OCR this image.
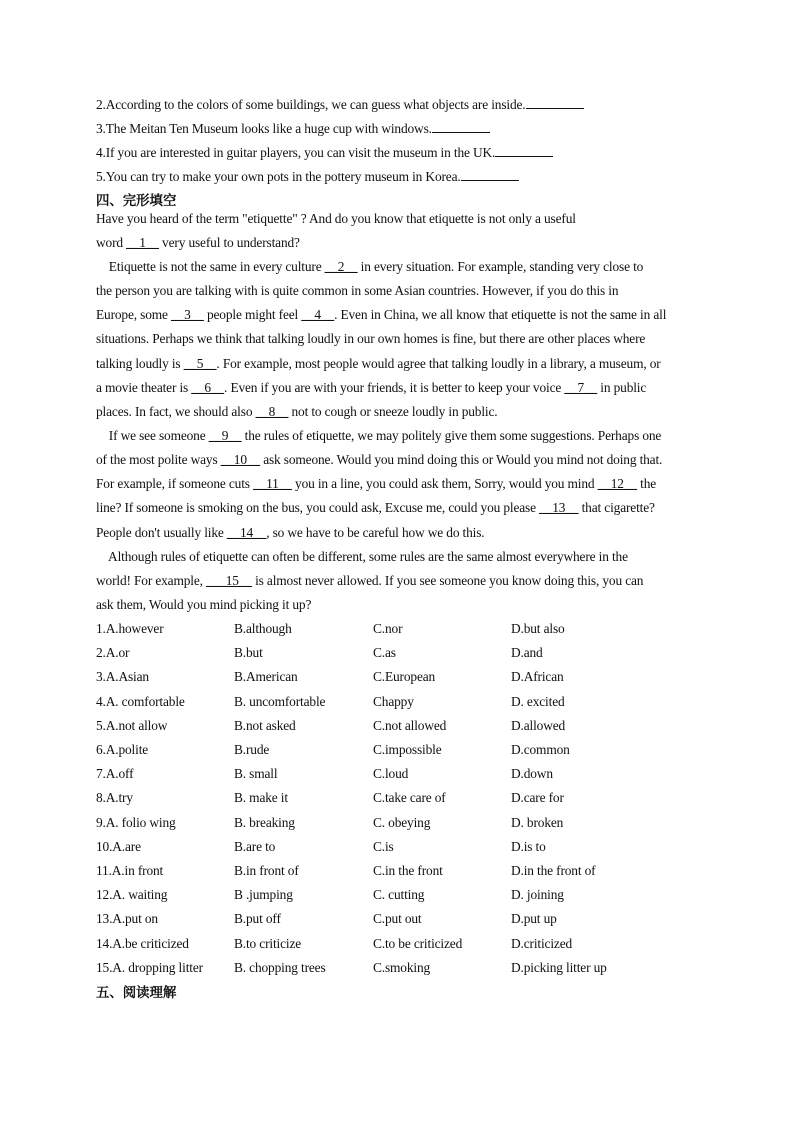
2.According to the colors of some buildings, we can guess what objects are inside.
3.The Meitan Ten Museum looks like a huge cup with windows.
4.If you are interested in guitar players, you can visit the museum in the UK.
5.You can try to make your own pots in the pottery museum in Korea.
四、完形填空
Have you heard of the term "etiquette" ? And do you know that etiquette is not only a useful
word __1__ very useful to understand?
Etiquette is not the same in every culture __2__ in every situation. For example, standing very close to
the person you are talking with is quite common in some Asian countries. However, if you do this in
Europe, some __3__ people might feel __4__. Even in China, we all know that etiquette is not the same in all
situations. Perhaps we think that talking loudly in our own homes is fine, but there are other places where
talking loudly is __5__. For example, most people would agree that talking loudly in a library, a museum, or
a movie theater is __6__. Even if you are with your friends, it is better to keep your voice __7__ in public
places. In fact, we should also __8__ not to cough or sneeze loudly in public.
If we see someone __9__ the rules of etiquette, we may politely give them some suggestions. Perhaps one
of the most polite ways __10__ ask someone. Would you mind doing this or Would you mind not doing that.
For example, if someone cuts __11__ you in a line, you could ask them, Sorry, would you mind __12__ the
line? If someone is smoking on the bus, you could ask, Excuse me, could you please __13__ that cigarette?
People don't usually like __14__, so we have to be careful how we do this.
Although rules of etiquette can often be different, some rules are the same almost everywhere in the
world! For example, ___15__ is almost never allowed. If you see someone you know doing this, you can
ask them, Would you mind picking it up?
1.A.however	B.although	C.nor	D.but also
2.A.or	B.but	C.as	D.and
3.A.Asian	B.American	C.European	D.African
4.A. comfortable	B. uncomfortable	Chappy	D. excited
5.A.not allow	B.not asked	C.not allowed	D.allowed
6.A.polite	B.rude	C.impossible	D.common
7.A.off	B. small	C.loud	D.down
8.A.try	B. make it	C.take care of	D.care for
9.A. folio wing	B. breaking	C. obeying	D. broken
10.A.are	B.are to	C.is	D.is to
11.A.in front	B.in front of	C.in the front	D.in the front of
12.A. waiting	B .jumping	C. cutting	D. joining
13.A.put on	B.put off	C.put out	D.put up
14.A.be criticized	B.to criticize	C.to be criticized	D.criticized
15.A. dropping litter B. chopping trees	C.smoking	D.picking litter up
五、阅读理解
